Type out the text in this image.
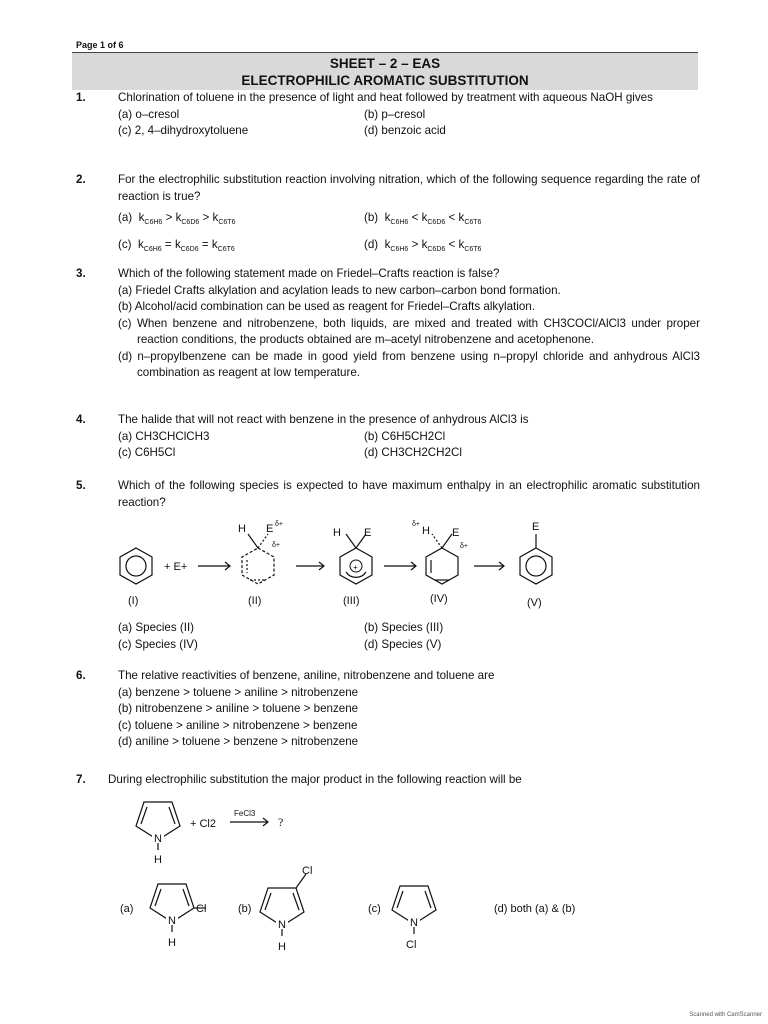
Page 1 of 6
SHEET – 2 – EAS
ELECTROPHILIC AROMATIC SUBSTITUTION
1.	Chlorination of toluene in the presence of light and heat followed by treatment with aqueous NaOH gives
(a) o–cresol	(b) p–cresol
(c) 2, 4–dihydroxytoluene	(d) benzoic acid
2.	For the electrophilic substitution reaction involving nitration, which of the following sequence regarding the rate of reaction is true?
(a) $k_{C6H6} > k_{C6D6} > k_{C6T6}$	(b) $k_{C6H6} < k_{C6D6} < k_{C6T6}$
(c) $k_{C6H6} = k_{C6D6} = k_{C6T6}$	(d) $k_{C6H6} > k_{C6D6} < k_{C6T6}$
3.	Which of the following statement made on Friedel–Crafts reaction is false?
(a) Friedel Crafts alkylation and acylation leads to new carbon–carbon bond formation.
(b) Alcohol/acid combination can be used as reagent for Friedel–Crafts alkylation.
(c) When benzene and nitrobenzene, both liquids, are mixed and treated with CH3COCl/AlCl3 under proper reaction conditions, the products obtained are m–acetyl nitrobenzene and acetophenone.
(d) n–propylbenzene can be made in good yield from benzene using n–propyl chloride and anhydrous AlCl3 combination as reagent at low temperature.
4.	The halide that will not react with benzene in the presence of anhydrous AlCl3 is
(a) CH3CHClCH3	(b) C6H5CH2Cl
(c) C6H5Cl	(d) CH3CH2CH2Cl
5.	Which of the following species is expected to have maximum enthalpy in an electrophilic aromatic substitution reaction?
+ E+
H E δ+
δ+
H E
+
δ+
H E
δ+
E
(I)	(II)	(III)	(IV)	(V)
(a) Species (II)	(b) Species (III)
(c) Species (IV)	(d) Species (V)
6.	The relative reactivities of benzene, aniline, nitrobenzene and toluene are
(a) benzene > toluene > aniline > nitrobenzene
(b) nitrobenzene > aniline > toluene > benzene
(c) toluene > aniline > nitrobenzene > benzene
(d) aniline > toluene > benzene > nitrobenzene
7. During electrophilic substitution the major product in the following reaction will be
N
H
+ Cl2
FeCl3
?
(a)
N
H
Cl	(b)
N
H
Cl
(c)
N
Cl
(d) both (a) & (b)
Scanned with CamScanner
